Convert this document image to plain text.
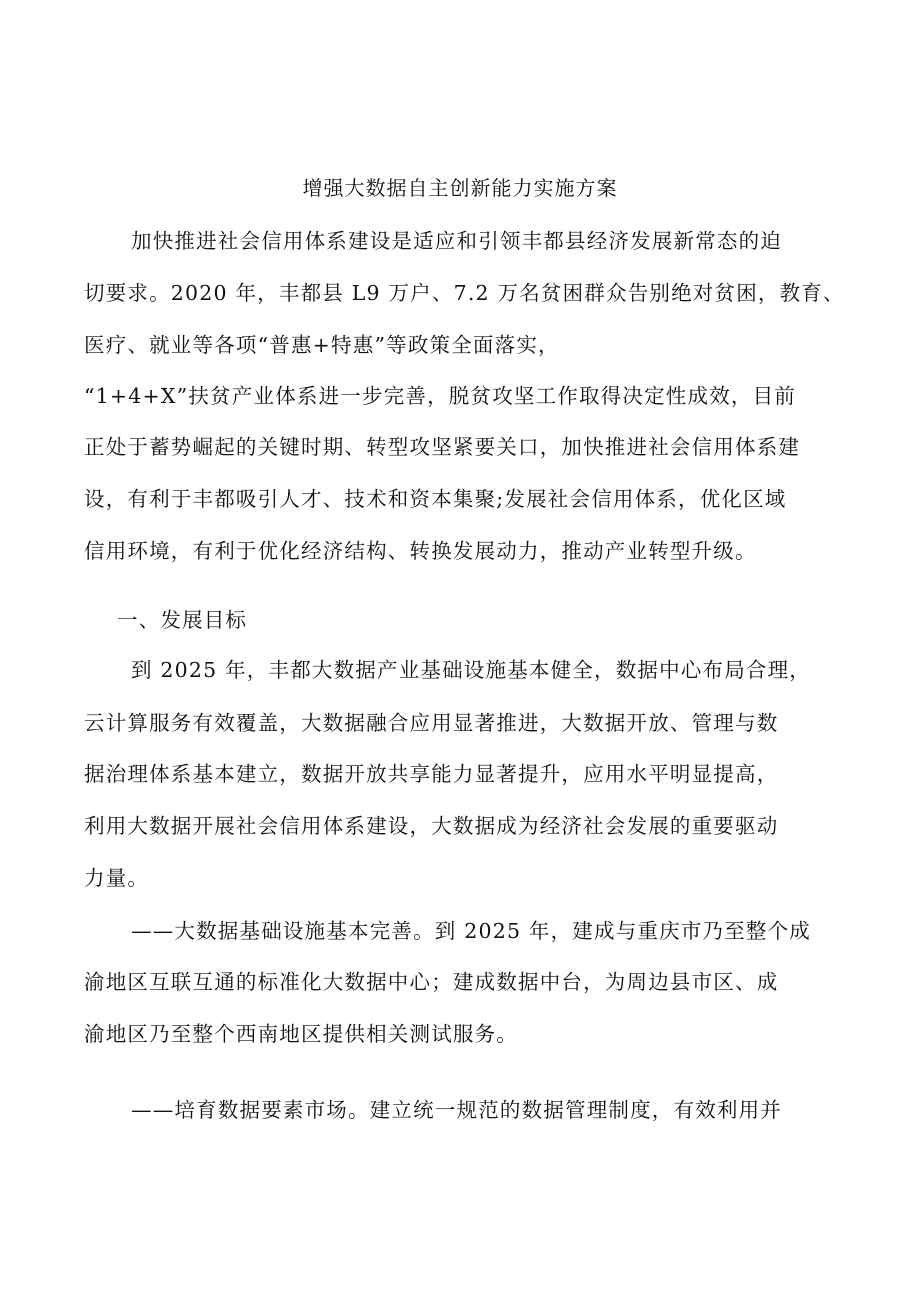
增强大数据自主创新能力实施方案
加快推进社会信用体系建设是适应和引领丰都县经济发展新常态的迫
切要求。2020 年，丰都县 L9 万户、7.2 万名贫困群众告别绝对贫困，教育、
医疗、就业等各项“普惠+特惠”等政策全面落实，
“1+4+X”扶贫产业体系进一步完善，脱贫攻坚工作取得决定性成效，目前
正处于蓄势崛起的关键时期、转型攻坚紧要关口，加快推进社会信用体系建
设，有利于丰都吸引人才、技术和资本集聚;发展社会信用体系，优化区域
信用环境，有利于优化经济结构、转换发展动力，推动产业转型升级。
一、发展目标
到 2025 年，丰都大数据产业基础设施基本健全，数据中心布局合理，
云计算服务有效覆盖，大数据融合应用显著推进，大数据开放、管理与数
据治理体系基本建立，数据开放共享能力显著提升，应用水平明显提高，
利用大数据开展社会信用体系建设，大数据成为经济社会发展的重要驱动
力量。
——大数据基础设施基本完善。到 2025 年，建成与重庆市乃至整个成
渝地区互联互通的标准化大数据中心；建成数据中台，为周边县市区、成
渝地区乃至整个西南地区提供相关测试服务。
——培育数据要素市场。建立统一规范的数据管理制度，有效利用并
